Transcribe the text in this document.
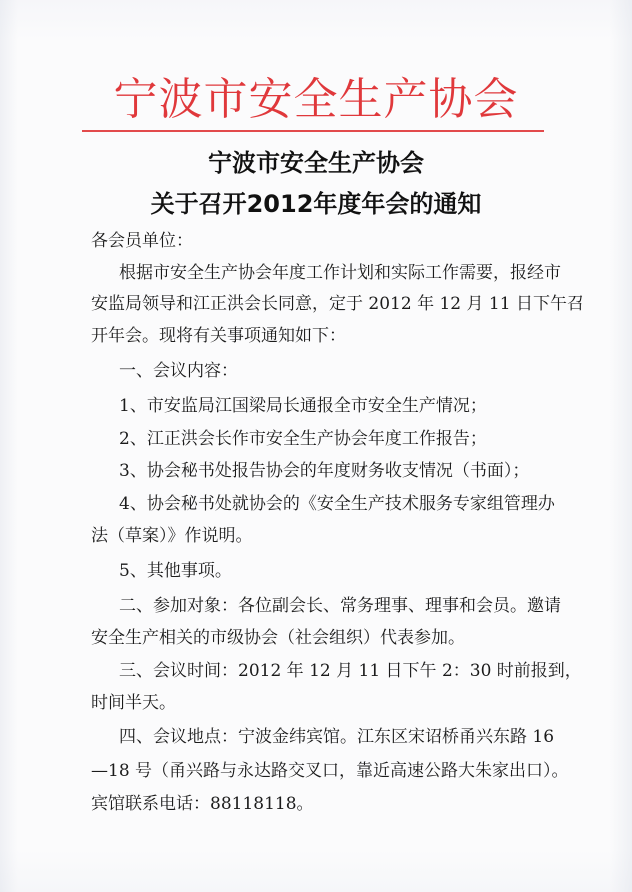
宁波市安全生产协会
宁波市安全生产协会
关于召开2012年度年会的通知
各会员单位：
根据市安全生产协会年度工作计划和实际工作需要，报经市
安监局领导和江正洪会长同意，定于 2012 年 12 月 11 日下午召
开年会。现将有关事项通知如下：
一、会议内容：
1、市安监局江国梁局长通报全市安全生产情况；
2、江正洪会长作市安全生产协会年度工作报告；
3、协会秘书处报告协会的年度财务收支情况（书面）；
4、协会秘书处就协会的《安全生产技术服务专家组管理办
法（草案）》作说明。
5、其他事项。
二、参加对象：各位副会长、常务理事、理事和会员。邀请
安全生产相关的市级协会（社会组织）代表参加。
三、会议时间：2012 年 12 月 11 日下午 2：30 时前报到，
时间半天。
四、会议地点：宁波金纬宾馆。江东区宋诏桥甬兴东路 16
—18 号（甬兴路与永达路交叉口，靠近高速公路大朱家出口）。
宾馆联系电话：88118118。
